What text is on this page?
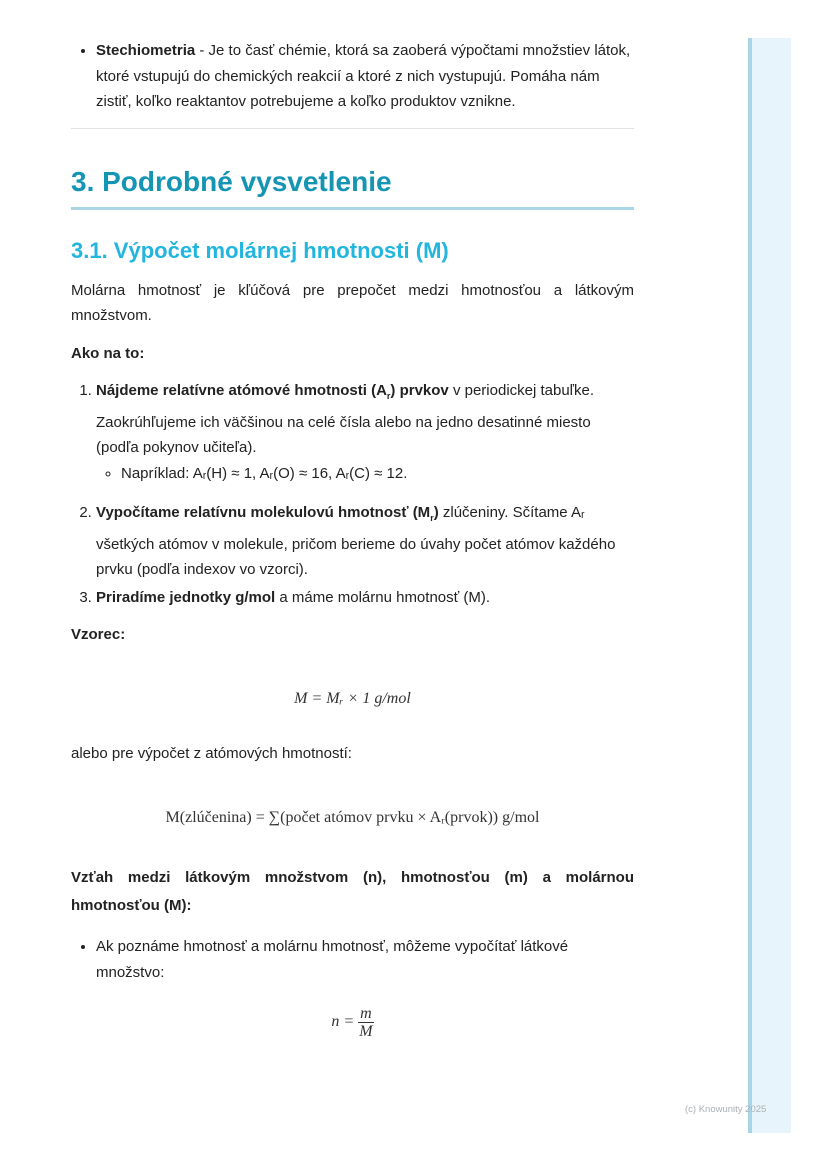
• Stechiometria - Je to časť chémie, ktorá sa zaoberá výpočtami množstiev látok, ktoré vstupujú do chemických reakcií a ktoré z nich vystupujú. Pomáha nám zistiť, koľko reaktantov potrebujeme a koľko produktov vznikne.
3. Podrobné vysvetlenie
3.1. Výpočet molárnej hmotnosti (M)

Molárna hmotnosť je kľúčová pre prepočet medzi hmotnosťou a látkovým množstvom.

Ako na to:

1. Nájdeme relatívne atómové hmotnosti $(A_r)$ prvkov v periodickej tabuľke. Zaokrúhľujeme ich väčšinou na celé čísla alebo na jedno desatinné miesto (podľa pokynov učiteľa).
◦ Napríklad: Aᵣ(H) ≈ 1, Aᵣ(O) ≈ 16, Aᵣ(C) ≈ 12.
2. Vypočítame relatívnu molekulovú hmotnosť $(M_r)$ zlúčeniny. Sčítame Aᵣ všetkých atómov v molekule, pričom berieme do úvahy počet atómov každého prvku (podľa indexov vo vzorci).
3. Priradíme jednotky g/mol a máme molárnu hmotnosť (M).

Vzorec:

M = Mᵣ × 1 g/mol

alebo pre výpočet z atómových hmotností:

M(zlúčenina) = ∑(počet atómov prvku × Aᵣ(prvok)) g/mol

Vzťah medzi látkovým množstvom (n), hmotnosťou (m) a molárnou hmotnosťou (M):

• Ak poznáme hmotnosť a molárnu hmotnosť, môžeme vypočítať látkové množstvo:

$n = \frac{m}{M}$

(c) Knowunity 2025
